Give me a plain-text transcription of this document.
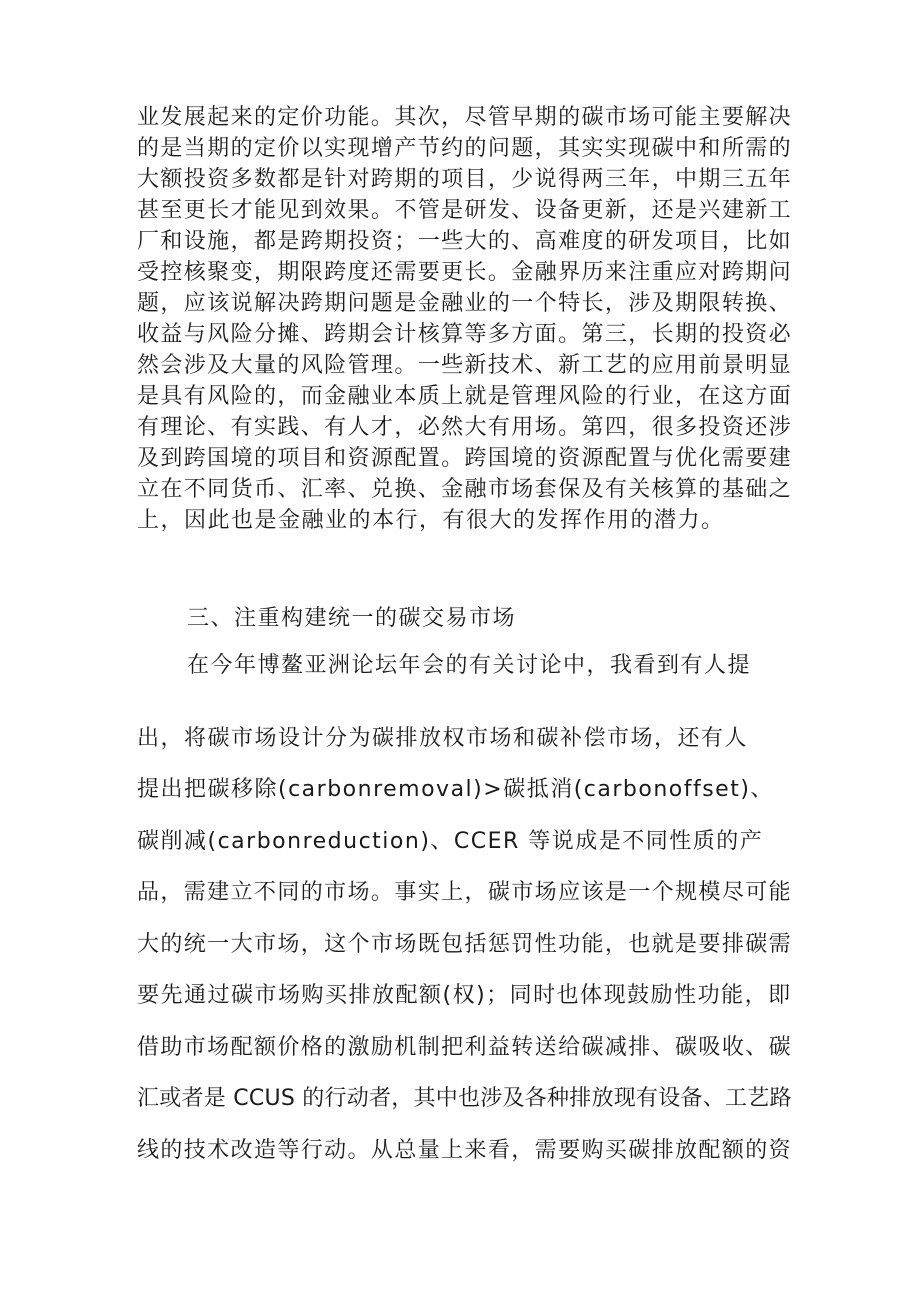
业发展起来的定价功能。其次，尽管早期的碳市场可能主要解决
的是当期的定价以实现增产节约的问题，其实实现碳中和所需的
大额投资多数都是针对跨期的项目，少说得两三年，中期三五年
甚至更长才能见到效果。不管是研发、设备更新，还是兴建新工
厂和设施，都是跨期投资；一些大的、高难度的研发项目，比如
受控核聚变，期限跨度还需要更长。金融界历来注重应对跨期问
题，应该说解决跨期问题是金融业的一个特长，涉及期限转换、
收益与风险分摊、跨期会计核算等多方面。第三，长期的投资必
然会涉及大量的风险管理。一些新技术、新工艺的应用前景明显
是具有风险的，而金融业本质上就是管理风险的行业，在这方面
有理论、有实践、有人才，必然大有用场。第四，很多投资还涉
及到跨国境的项目和资源配置。跨国境的资源配置与优化需要建
立在不同货币、汇率、兑换、金融市场套保及有关核算的基础之
上，因此也是金融业的本行，有很大的发挥作用的潜力。
三、注重构建统一的碳交易市场
在今年博鳌亚洲论坛年会的有关讨论中，我看到有人提
出，将碳市场设计分为碳排放权市场和碳补偿市场，还有人
提出把碳移除(carbonremoval)>碳抵消(carbonoffset)、
碳削减(carbonreduction)、CCER 等说成是不同性质的产
品，需建立不同的市场。事实上，碳市场应该是一个规模尽可能
大的统一大市场，这个市场既包括惩罚性功能，也就是要排碳需
要先通过碳市场购买排放配额(权)；同时也体现鼓励性功能，即
借助市场配额价格的激励机制把利益转送给碳减排、碳吸收、碳
汇或者是 CCUS 的行动者，其中也涉及各种排放现有设备、工艺路
线的技术改造等行动。从总量上来看，需要购买碳排放配额的资
